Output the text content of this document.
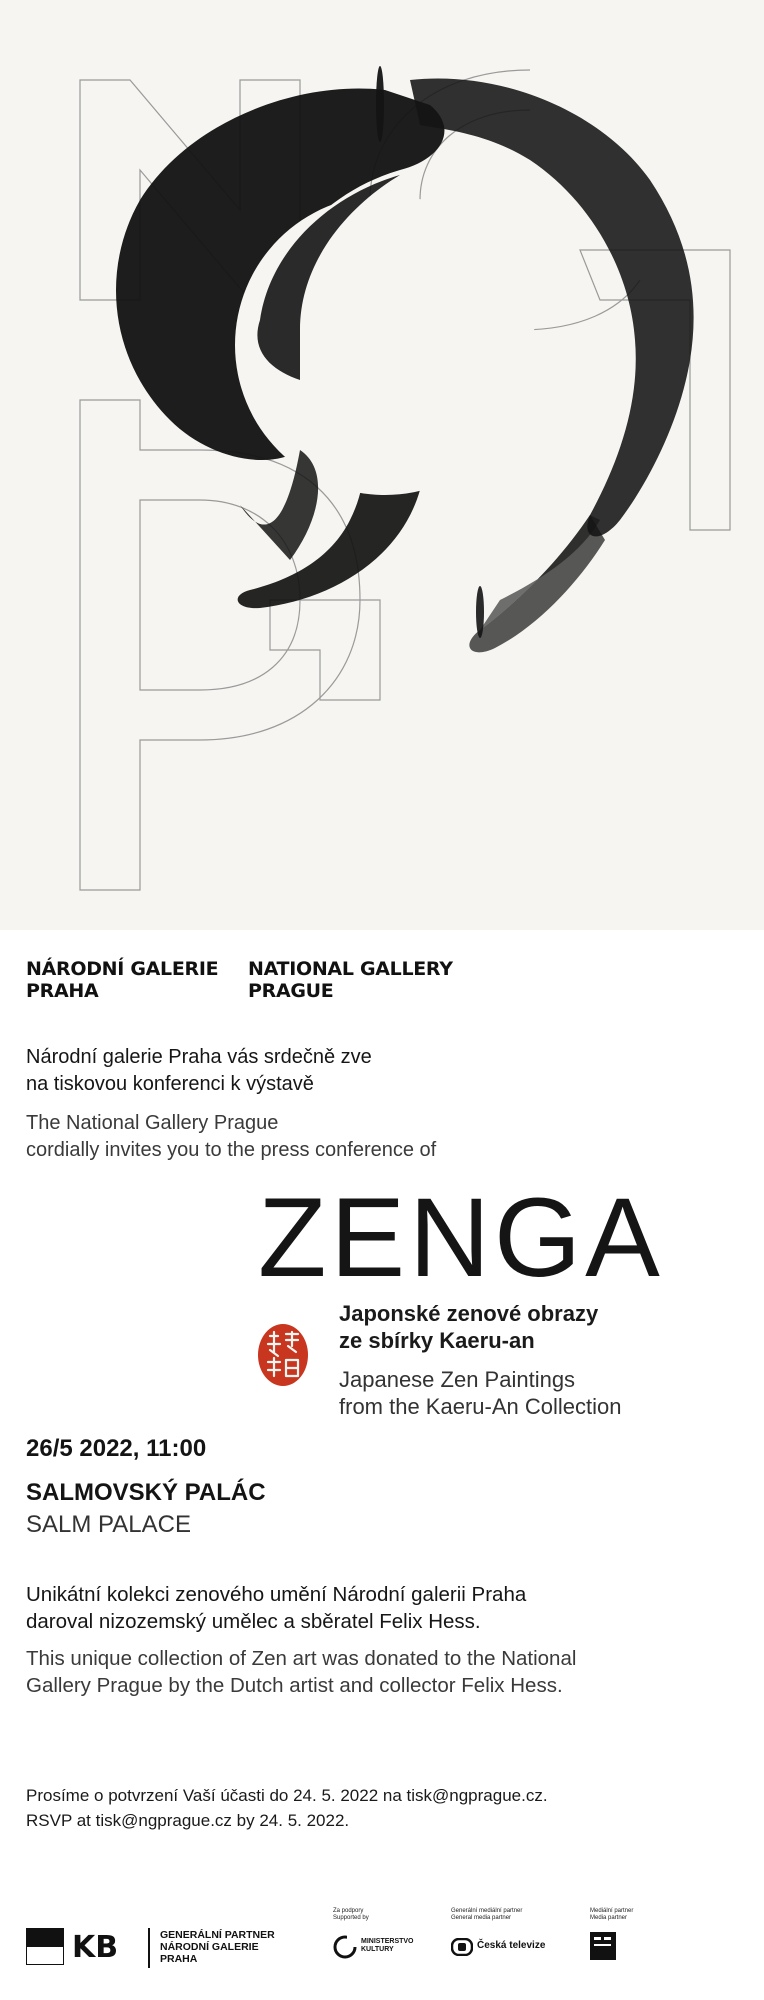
NÁRODNÍ GALERIE
PRAHA
NATIONAL GALLERY
PRAGUE
Národní galerie Praha vás srdečně zve
na tiskovou konferenci k výstavě
The National Gallery Prague
cordially invites you to the press conference of
ZENGA
Japonské zenové obrazy
ze sbírky Kaeru-an
Japanese Zen Paintings
from the Kaeru-An Collection
26/5 2022, 11:00
SALMOVSKÝ PALÁC
SALM PALACE
Unikátní kolekci zenového umění Národní galerii Praha
daroval nizozemský umělec a sběratel Felix Hess.
This unique collection of Zen art was donated to the National
Gallery Prague by the Dutch artist and collector Felix Hess.
Prosíme o potvrzení Vaší účasti do 24. 5. 2022 na tisk@ngprague.cz.
RSVP at tisk@ngprague.cz by 24. 5. 2022.
KB	GENERÁLNÍ PARTNER
NÁRODNÍ GALERIE
PRAHA
Za podpory
Supported by
MINISTERSTVO
KULTURY
Generální mediální partner
General media partner
Česká televize
Mediální partner
Media partner
